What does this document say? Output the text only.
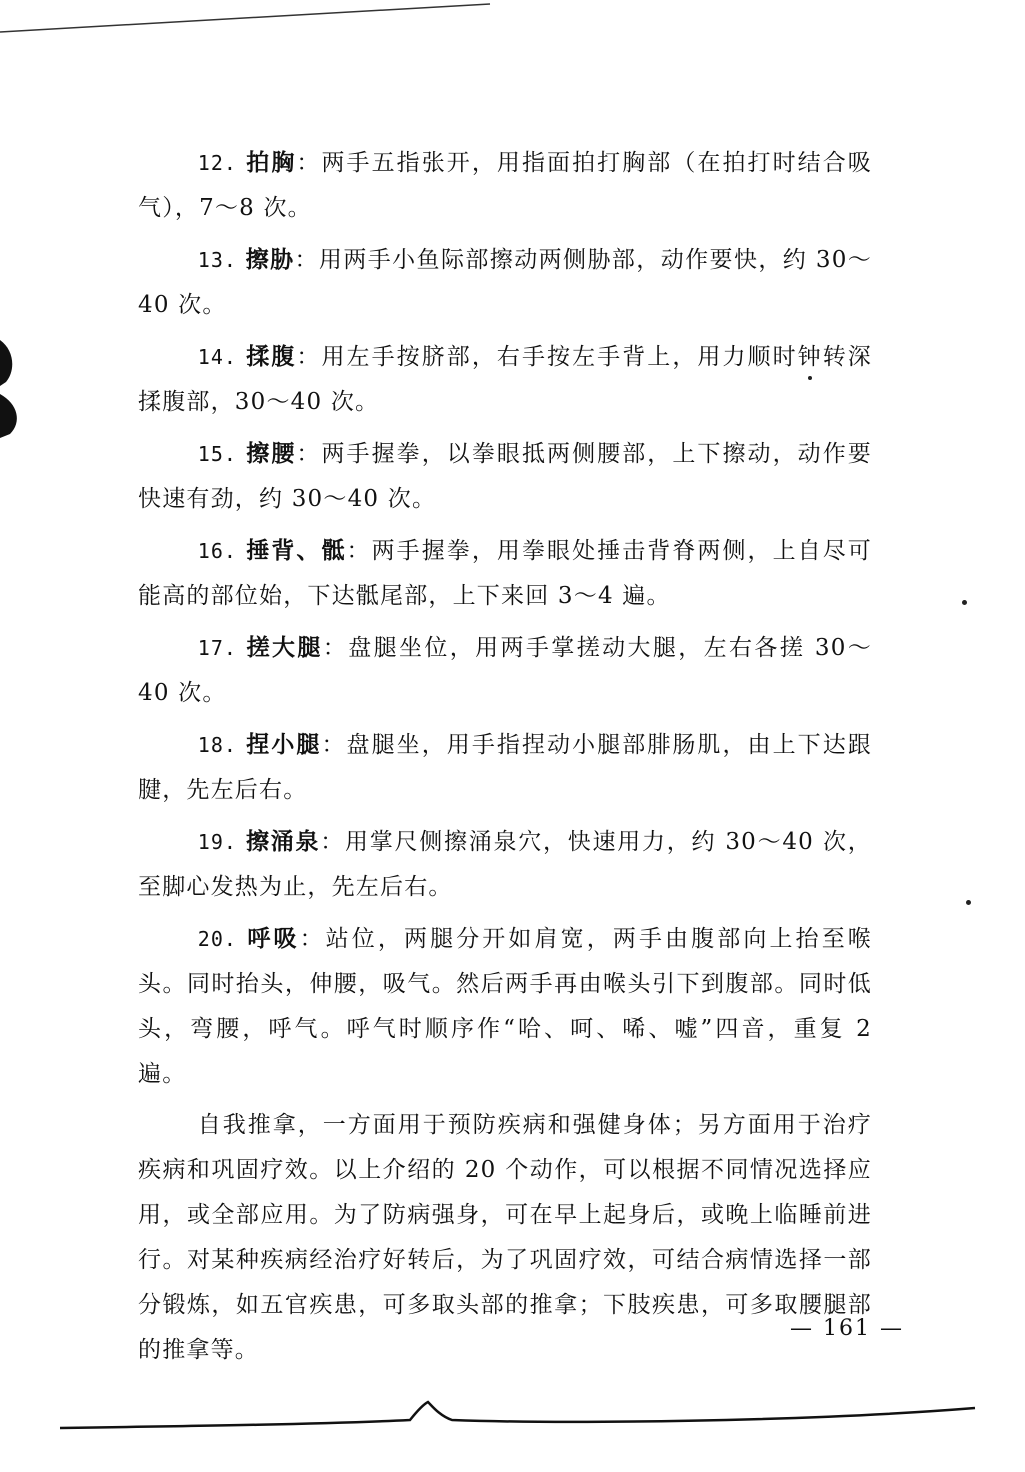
12. 拍胸：两手五指张开，用指面拍打胸部（在拍打时结合吸气），7～8 次。

13. 擦胁：用两手小鱼际部擦动两侧胁部，动作要快，约 30～40 次。

14. 揉腹：用左手按脐部，右手按左手背上，用力顺时钟转深揉腹部，30～40 次。

15. 擦腰：两手握拳，以拳眼抵两侧腰部，上下擦动，动作要快速有劲，约 30～40 次。

16. 捶背、骶：两手握拳，用拳眼处捶击背脊两侧，上自尽可能高的部位始，下达骶尾部，上下来回 3～4 遍。

17. 搓大腿：盘腿坐位，用两手掌搓动大腿，左右各搓 30～40 次。

18. 捏小腿：盘腿坐，用手指捏动小腿部腓肠肌，由上下达跟腱，先左后右。

19. 擦涌泉：用掌尺侧擦涌泉穴，快速用力，约 30～40 次，至脚心发热为止，先左后右。

20. 呼吸：站位，两腿分开如肩宽，两手由腹部向上抬至喉头。同时抬头，伸腰，吸气。然后两手再由喉头引下到腹部。同时低头，弯腰，呼气。呼气时顺序作“哈、呵、唏、嘘”四音，重复 2 遍。

自我推拿，一方面用于预防疾病和强健身体；另方面用于治疗疾病和巩固疗效。以上介绍的 20 个动作，可以根据不同情况选择应用，或全部应用。为了防病强身，可在早上起身后，或晚上临睡前进行。对某种疾病经治疗好转后，为了巩固疗效，可结合病情选择一部分锻炼，如五官疾患，可多取头部的推拿；下肢疾患，可多取腰腿部的推拿等。

— 161 —
